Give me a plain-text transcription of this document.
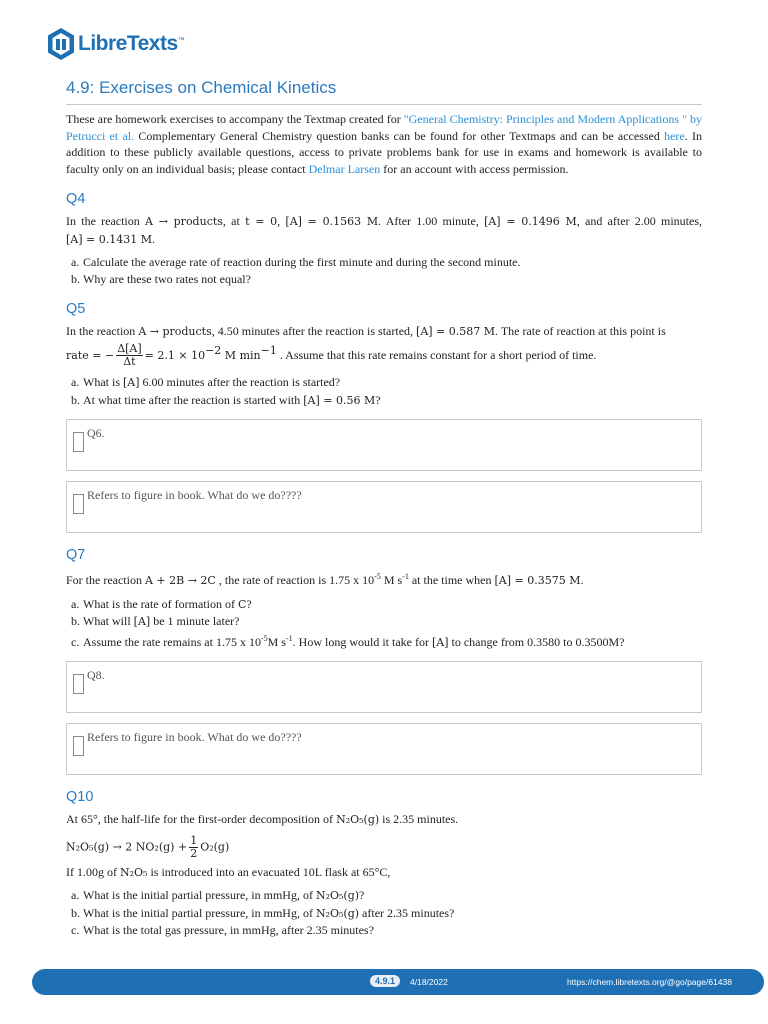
LibreTexts ™
4.9: Exercises on Chemical Kinetics

These are homework exercises to accompany the Textmap created for "General Chemistry: Principles and Modern Applications " by Petrucci et al. Complementary General Chemistry question banks can be found for other Textmaps and can be accessed here. In addition to these publicly available questions, access to private problems bank for use in exams and homework is available to faculty only on an individual basis; please contact Delmar Larsen for an account with access permission.

Q4

In the reaction A → products, at t = 0, [A] = 0.1563 M. After 1.00 minute, [A] = 0.1496 M, and after 2.00 minutes, [A] = 0.1431 M.

a. Calculate the average rate of reaction during the first minute and during the second minute.
b. Why are these two rates not equal?
Q5

In the reaction A → products, 4.50 minutes after the reaction is started, [A] = 0.587 M. The rate of reaction at this point is

rate = − $\frac{\Delta[A]}{\Delta t} = 2.1 \times 10^{-2}$ M $\min^{-1}$ . Assume that this rate remains constant for a short period of time.

a. What is [A] 6.00 minutes after the reaction is started?
b. At what time after the reaction is started with [A] = 0.56 M?
Q6.
Refers to figure in book. What do we do????
Q7

For the reaction A + 2B → 2C , the rate of reaction is 1.75 x $10^{-5}$ M $s^{-1}$ at the time when [A] = 0.3575 M.

a. What is the rate of formation of C?
b. What will [A] be 1 minute later?
c. Assume the rate remains at 1.75 x $10^{-5}M$ $s^{-1}$. How long would it take for [A] to change from 0.3580 to 0.3500M?
Q8.
Refers to figure in book. What do we do????
Q10

At 65°, the half-life for the first-order decomposition of N₂O₅(g) is 2.35 minutes.

N₂O₅(g) → 2 $NO_2(g) + \frac{1}{2} O_2(g)$

If 1.00g of N₂O₅ is introduced into an evacuated 10L flask at 65°C,

a. What is the initial partial pressure, in mmHg, of N₂O₅(g)?
b. What is the initial partial pressure, in mmHg, of N₂O₅(g) after 2.35 minutes?
c. What is the total gas pressure, in mmHg, after 2.35 minutes?
4.9.1	4/18/2022	https://chem.libretexts.org/@go/page/61438
